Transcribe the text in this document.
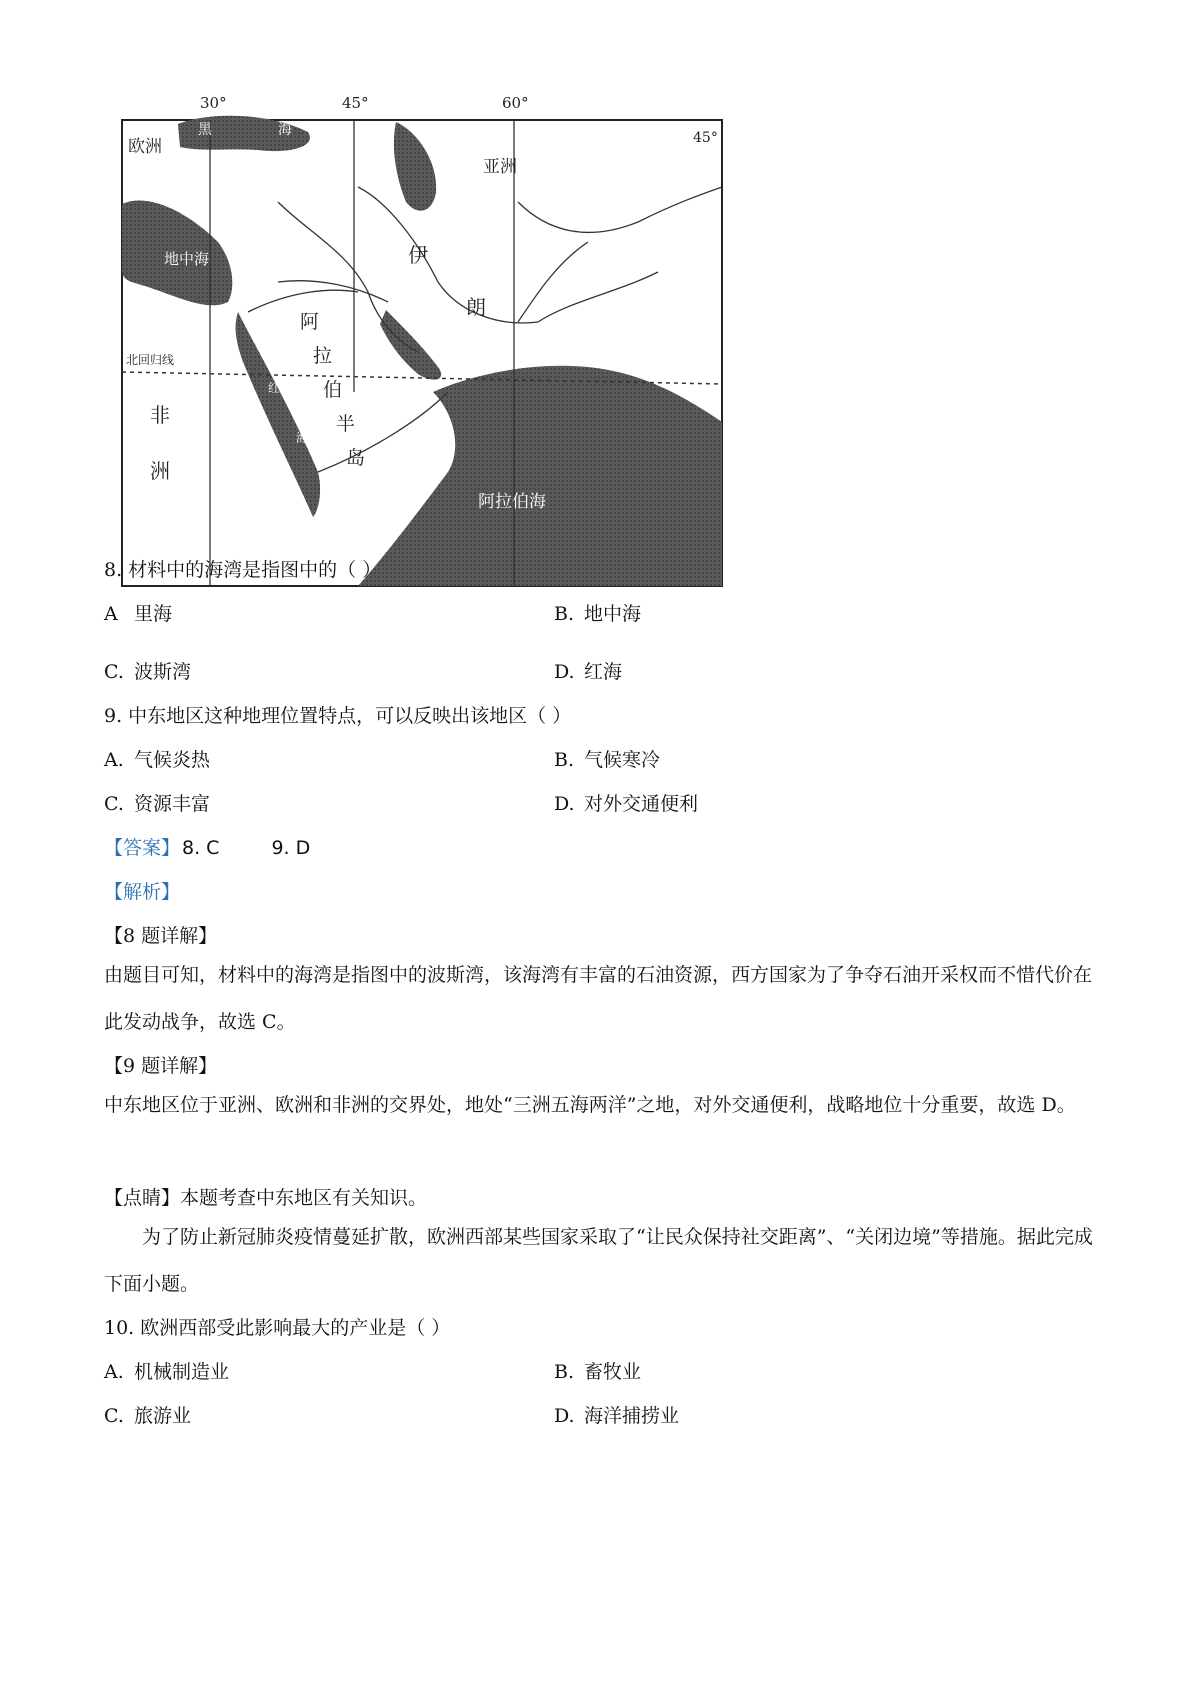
30°	45°	60°
45°
欧洲
亚洲
黑	海
地中海	伊
朗
阿
拉
伯
半
岛
红
海
北回归线
非
洲
阿拉伯海
8. 材料中的海湾是指图中的（ ）
A 里海	B. 地中海
C. 波斯湾	D. 红海
9. 中东地区这种地理位置特点，可以反映出该地区（ ）
A. 气候炎热	B. 气候寒冷
C. 资源丰富	D. 对外交通便利
【答案】 8. C	9. D
【解析】
【8 题详解】
由题目可知，材料中的海湾是指图中的波斯湾，该海湾有丰富的石油资源，西方国家为了争夺石油开采权而不惜代价在此发动战争，故选 C。
【9 题详解】
中东地区位于亚洲、欧洲和非洲的交界处，地处“三洲五海两洋”之地，对外交通便利，战略地位十分重要，故选 D。
【点睛】本题考查中东地区有关知识。
为了防止新冠肺炎疫情蔓延扩散，欧洲西部某些国家采取了“让民众保持社交距离”、“关闭边境”等措施。据此完成下面小题。
10. 欧洲西部受此影响最大的产业是（ ）
A. 机械制造业	B. 畜牧业
C. 旅游业	D. 海洋捕捞业
